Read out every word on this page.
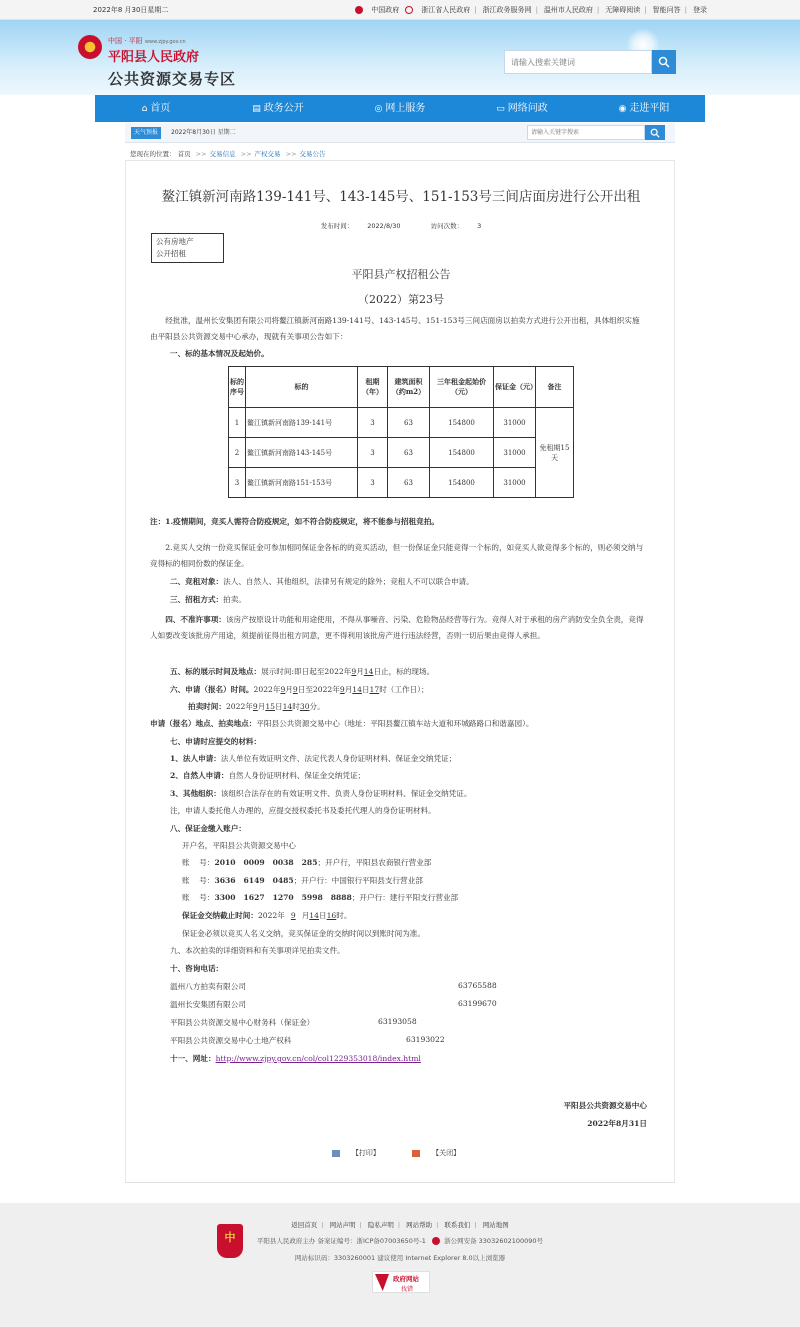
2022年8 月30日星期二	中国政府	浙江省人民政府 | 浙江政务服务网 | 温州市人民政府 | 无障碍阅读 | 智能问答 | 登录
中国 · 平阳 www.zjpy.gov.cn
平阳县人民政府
公共资源交易专区
请输入搜索关键词
⌂ 首页	▤ 政务公开	◎ 网上服务	▭ 网络问政	◉ 走进平阳
天气预报	2022年8月30日 星期二
请输入关键字搜索
您现在的位置： 首页 >> 交易信息 >> 产权交易 >> 交易公告
鳌江镇新河南路139-141号、143-145号、151-153号三间店面房进行公开出租
发布时间： 2022/8/30	访问次数： 3
公有房地产
公开招租
平阳县产权招租公告
（2022）第23号
经批准，温州长安集团有限公司将鳌江镇新河南路139-141号、143-145号、151-153号三间店面房以拍卖方式进行公开出租，具体组织实施由平阳县公共资源交易中心承办，现就有关事项公告如下：
一、标的基本情况及起始价。
标的序号	标的	租期（年）	建筑面积（约m2）	三年租金起始价（元）	保证金（元）	备注
1	鳌江镇新河南路139-141号	3	63	154800	31000	免租期15天
2	鳌江镇新河南路143-145号	3	63	154800	31000	
3	鳌江镇新河南路151-153号	3	63	154800	31000	
注：1.疫情期间，竞买人需符合防疫规定，如不符合防疫规定，将不能参与招租竞拍。
2.竞买人交纳一份竞买保证金可参加相同保证金各标的的竞买活动，但一份保证金只能竞得一个标的，如竞买人欲竞得多个标的，则必须交纳与竞得标的相同份数的保证金。
二、竞租对象：法人、自然人、其他组织，法律另有规定的除外；竞租人不可以联合申请。
三、招租方式：拍卖。
四、不准许事项：该房产按原设计功能和用途使用，不得从事噪音、污染、危险物品经营等行为。竞得人对于承租的房产消防安全负全责，竞得人如要改变该批房产用途，须提前征得出租方同意，更不得利用该批房产进行违法经营，否则一切后果由竞得人承担。
五、标的展示时间及地点：展示时间:即日起至2022年9月14日止，标的现场。
六、申请（报名）时间。2022年9月9日至2022年9月14日17时（工作日）；
拍卖时间：2022年9月15日14时30分。
申请（报名）地点、拍卖地点：平阳县公共资源交易中心（地址：平阳县鳌江镇车站大道和环城路路口和谐嘉园）。
七、申请时应提交的材料：
1、法人申请：法人单位有效证明文件、法定代表人身份证明材料、保证金交纳凭证；
2、自然人申请：自然人身份证明材料、保证金交纳凭证；
3、其他组织：该组织合法存在的有效证明文件、负责人身份证明材料、保证金交纳凭证。
注，申请人委托他人办理的，应提交授权委托书及委托代理人的身份证明材料。
八、保证金缴入账户：
开户名，平阳县公共资源交易中心
账    号：2010   0009   0038   285；开户行，平阳县农商银行营业部
账    号：3636   6149   0485；开户行：中国银行平阳县支行营业部
账    号：3300   1627   1270   5998   8888；开户行：建行平阳支行营业部
保证金交纳截止时间：2022年 9 月14日16时。
保证金必须以竞买人名义交纳，竞买保证金的交纳时间以到账时间为准。
九、本次拍卖的详细资料和有关事项详见拍卖文件。
十、咨询电话：
温州八方拍卖有限公司	63765588
温州长安集团有限公司	63199670
平阳县公共资源交易中心财务科（保证金）	63193058
平阳县公共资源交易中心土地产权科	63193022
十一、网址：http://www.zjpy.gov.cn/col/col1229353018/index.html
平阳县公共资源交易中心
2022年8月31日
【打印】	【关闭】
中
返回首页 | 网站声明 | 隐私声明 | 网站帮助 | 联系我们 | 网站地图
平阳县人民政府主办 备案证编号：浙ICP备07003650号-1	浙公网安备 33032602100090号
网站标识码：3303260001 建议使用 Internet Explorer 8.0以上浏览器
政府网站
找错
